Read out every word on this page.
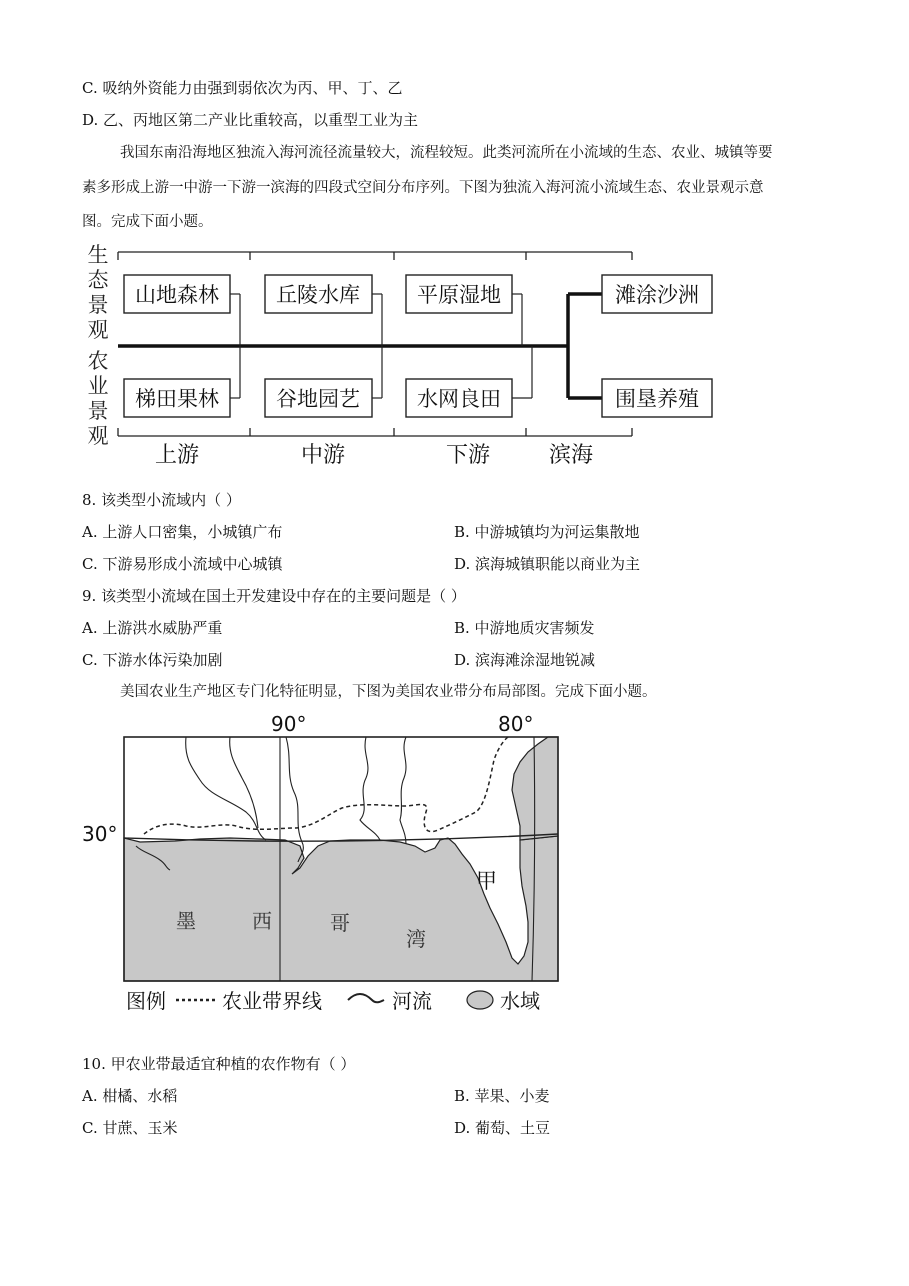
C. 吸纳外资能力由强到弱依次为丙、甲、丁、乙
D. 乙、丙地区第二产业比重较高，以重型工业为主
我国东南沿海地区独流入海河流径流量较大，流程较短。此类河流所在小流域的生态、农业、城镇等要
素多形成上游一中游一下游一滨海的四段式空间分布序列。下图为独流入海河流小流域生态、农业景观示意
图。完成下面小题。
生
态
景
观
农
业
景
观
山地森林	丘陵水库	平原湿地	滩涂沙洲
梯田果林	谷地园艺	水网良田	围垦养殖
上游	中游	下游	滨海
8. 该类型小流域内（ ）
A. 上游人口密集，小城镇广布	B. 中游城镇均为河运集散地
C. 下游易形成小流域中心城镇	D. 滨海城镇职能以商业为主
9. 该类型小流域在国土开发建设中存在的主要问题是（ ）
A. 上游洪水威胁严重	B. 中游地质灾害频发
C. 下游水体污染加剧	D. 滨海滩涂湿地锐减
美国农业生产地区专门化特征明显，下图为美国农业带分布局部图。完成下面小题。
90°	80°
30°
墨	西	哥
湾
甲
图例	农业带界线	河流	水域
10. 甲农业带最适宜种植的农作物有（ ）
A. 柑橘、水稻	B. 苹果、小麦
C. 甘蔗、玉米	D. 葡萄、土豆
